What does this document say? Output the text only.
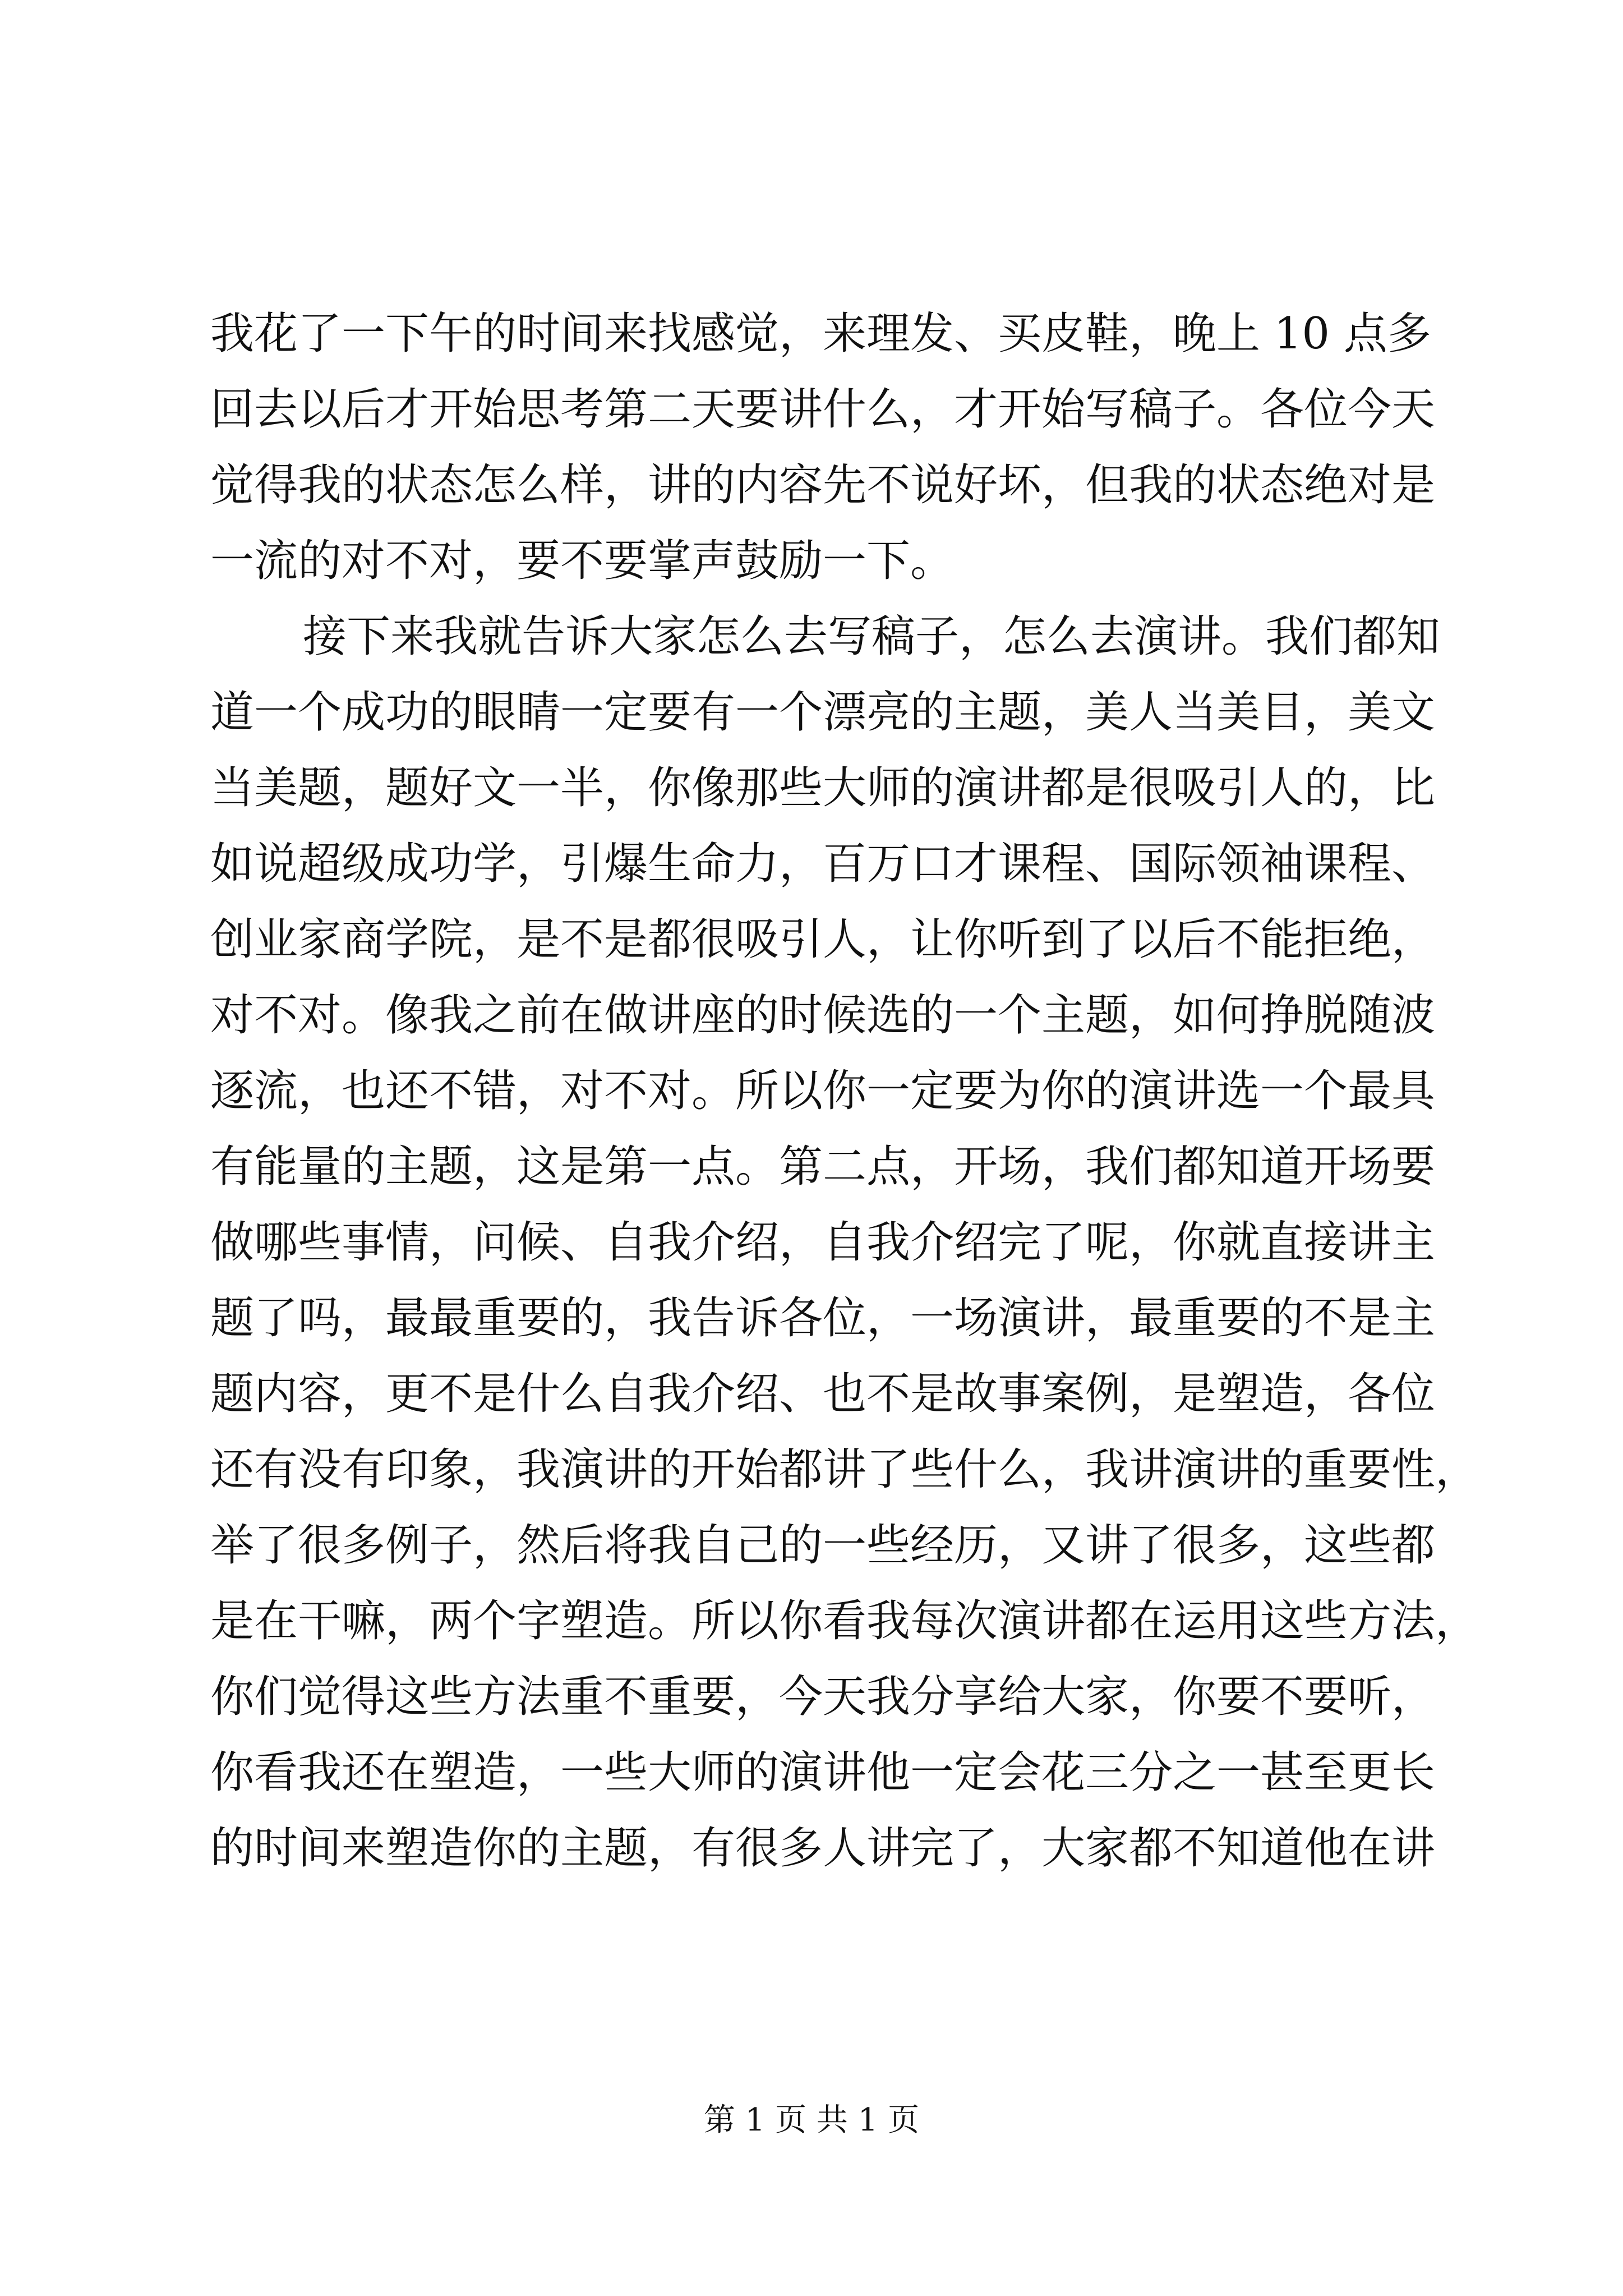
我花了一下午的时间来找感觉，来理发、买皮鞋，晚上 10 点多
回去以后才开始思考第二天要讲什么，才开始写稿子。各位今天
觉得我的状态怎么样，讲的内容先不说好坏，但我的状态绝对是
一流的对不对，要不要掌声鼓励一下。
接下来我就告诉大家怎么去写稿子，怎么去演讲。我们都知
道一个成功的眼睛一定要有一个漂亮的主题，美人当美目，美文
当美题，题好文一半，你像那些大师的演讲都是很吸引人的，比
如说超级成功学，引爆生命力，百万口才课程、国际领袖课程、
创业家商学院，是不是都很吸引人，让你听到了以后不能拒绝，
对不对。像我之前在做讲座的时候选的一个主题，如何挣脱随波
逐流，也还不错，对不对。所以你一定要为你的演讲选一个最具
有能量的主题，这是第一点。第二点，开场，我们都知道开场要
做哪些事情，问候、自我介绍，自我介绍完了呢，你就直接讲主
题了吗，最最重要的，我告诉各位，一场演讲，最重要的不是主
题内容，更不是什么自我介绍、也不是故事案例，是塑造，各位
还有没有印象，我演讲的开始都讲了些什么，我讲演讲的重要性，
举了很多例子，然后将我自己的一些经历，又讲了很多，这些都
是在干嘛，两个字塑造。所以你看我每次演讲都在运用这些方法，
你们觉得这些方法重不重要，今天我分享给大家，你要不要听，
你看我还在塑造，一些大师的演讲他一定会花三分之一甚至更长
的时间来塑造你的主题，有很多人讲完了，大家都不知道他在讲
第 1 页 共 1 页
